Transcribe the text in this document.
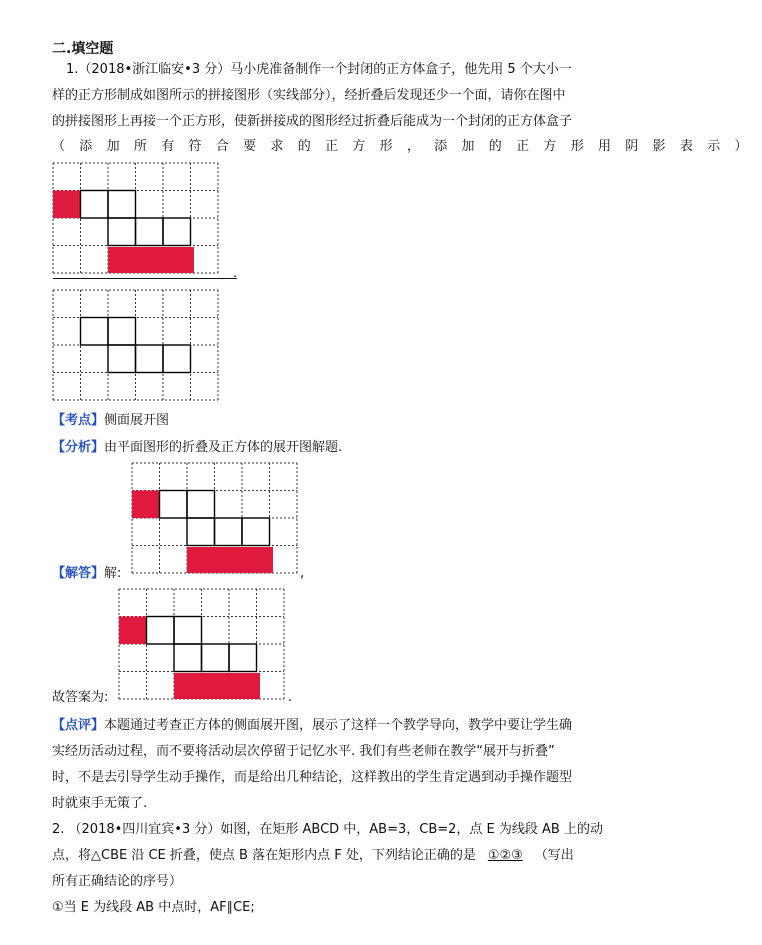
二.填空题
1.（2018•浙江临安•3 分）马小虎准备制作一个封闭的正方体盒子，他先用 5 个大小一
样的正方形制成如图所示的拼接图形（实线部分），经折叠后发现还少一个面，请你在图中
的拼接图形上再接一个正方形，使新拼接成的图形经过折叠后能成为一个封闭的正方体盒子
（添加所有符合要求的正方形，添加的正方形用阴影表示）
.
【考点】侧面展开图
【分析】由平面图形的折叠及正方体的展开图解题.
【解答】解:	,
故答案为:	.
【点评】本题通过考查正方体的侧面展开图，展示了这样一个教学导向，教学中要让学生确
实经历活动过程，而不要将活动层次停留于记忆水平. 我们有些老师在教学“展开与折叠”
时，不是去引导学生动手操作，而是给出几种结论，这样教出的学生肯定遇到动手操作题型
时就束手无策了.
2. （2018•四川宜宾•3 分）如图，在矩形 ABCD 中，AB=3，CB=2，点 E 为线段 AB 上的动
点，将△CBE 沿 CE 折叠，使点 B 落在矩形内点 F 处，下列结论正确的是 ①②③ （写出
所有正确结论的序号）
①当 E 为线段 AB 中点时，AF∥CE;
